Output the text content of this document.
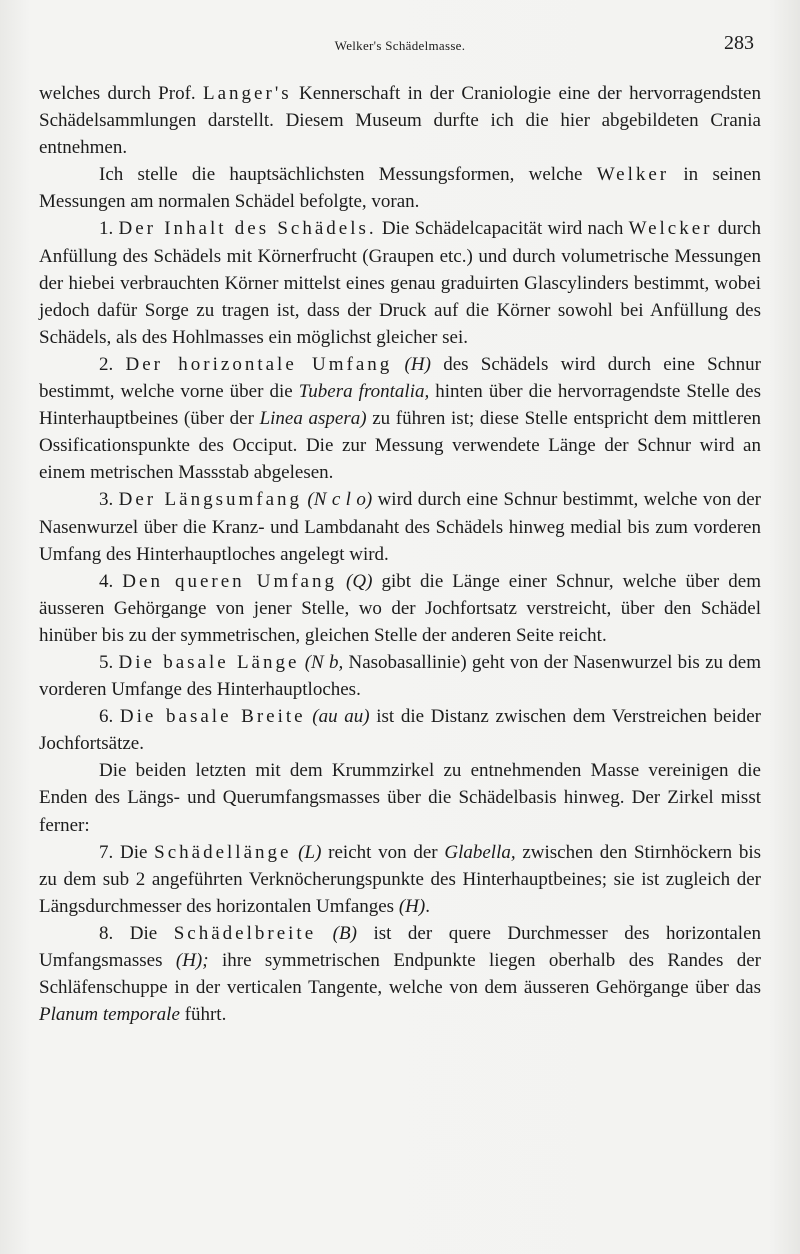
Welker's Schädelmasse.	283

welches durch Prof. Langer's Kennerschaft in der Craniologie eine der hervorragendsten Schädelsammlungen darstellt. Diesem Museum durfte ich die hier abgebildeten Crania entnehmen.

Ich stelle die hauptsächlichsten Messungsformen, welche Welker in seinen Messungen am normalen Schädel befolgte, voran.

1. Der Inhalt des Schädels. Die Schädelcapacität wird nach Welcker durch Anfüllung des Schädels mit Körnerfrucht (Graupen etc.) und durch volumetrische Messungen der hiebei verbrauchten Körner mittelst eines genau graduirten Glascylinders bestimmt, wobei jedoch dafür Sorge zu tragen ist, dass der Druck auf die Körner sowohl bei Anfüllung des Schädels, als des Hohlmasses ein möglichst gleicher sei.

2. Der horizontale Umfang (H) des Schädels wird durch eine Schnur bestimmt, welche vorne über die Tubera frontalia, hinten über die hervorragendste Stelle des Hinterhauptbeines (über der Linea aspera) zu führen ist; diese Stelle entspricht dem mittleren Ossificationspunkte des Occiput. Die zur Messung verwendete Länge der Schnur wird an einem metrischen Massstab abgelesen.

3. Der Längsumfang (N c l o) wird durch eine Schnur bestimmt, welche von der Nasenwurzel über die Kranz- und Lambdanaht des Schädels hinweg medial bis zum vorderen Umfang des Hinterhauptloches angelegt wird.

4. Den queren Umfang (Q) gibt die Länge einer Schnur, welche über dem äusseren Gehörgange von jener Stelle, wo der Jochfortsatz verstreicht, über den Schädel hinüber bis zu der symmetrischen, gleichen Stelle der anderen Seite reicht.

5. Die basale Länge (N b, Nasobasallinie) geht von der Nasenwurzel bis zu dem vorderen Umfange des Hinterhauptloches.

6. Die basale Breite (au au) ist die Distanz zwischen dem Verstreichen beider Jochfortsätze.

Die beiden letzten mit dem Krummzirkel zu entnehmenden Masse vereinigen die Enden des Längs- und Querumfangsmasses über die Schädelbasis hinweg. Der Zirkel misst ferner:

7. Die Schädellänge (L) reicht von der Glabella, zwischen den Stirnhöckern bis zu dem sub 2 angeführten Verknöcherungspunkte des Hinterhauptbeines; sie ist zugleich der Längsdurchmesser des horizontalen Umfanges (H).

8. Die Schädelbreite (B) ist der quere Durchmesser des horizontalen Umfangsmasses (H); ihre symmetrischen Endpunkte liegen oberhalb des Randes der Schläfenschuppe in der verticalen Tangente, welche von dem äusseren Gehörgange über das Planum temporale führt.
